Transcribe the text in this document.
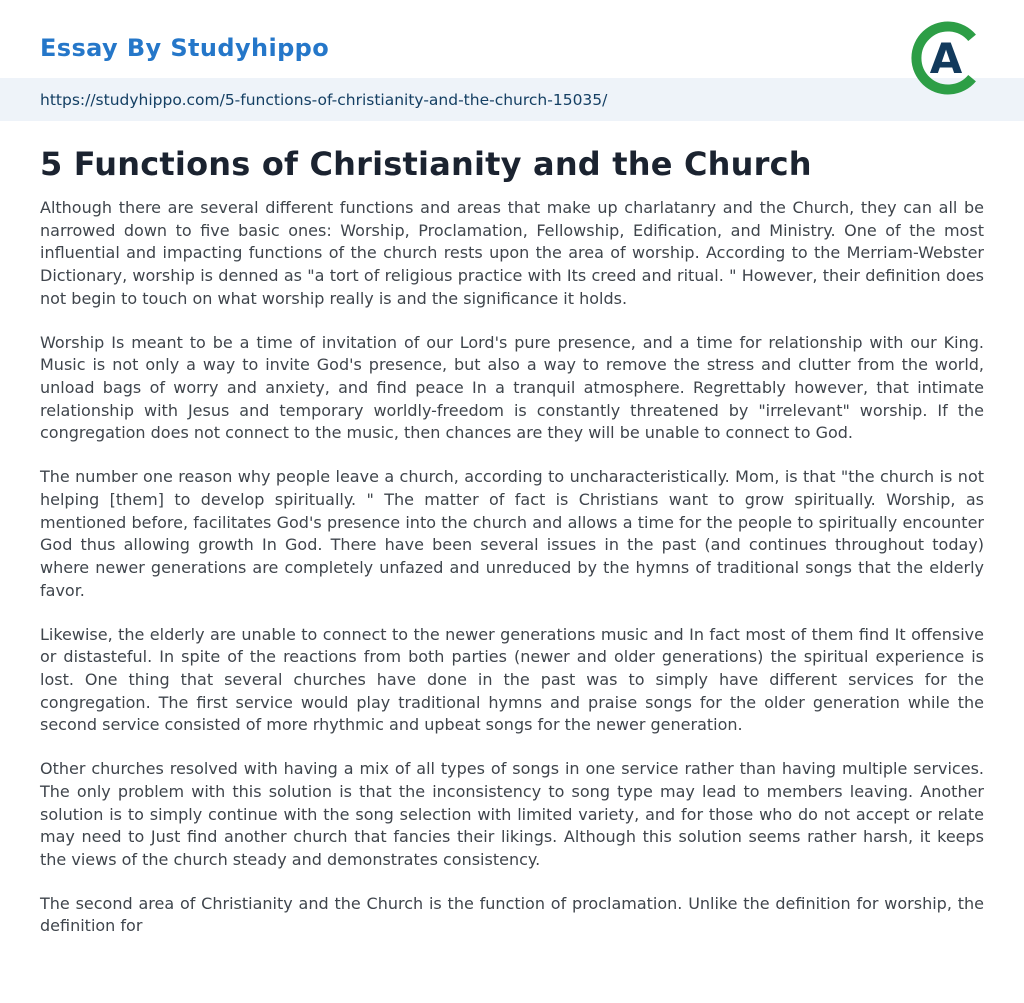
Essay By Studyhippo
https://studyhippo.com/5-functions-of-christianity-and-the-church-15035/
A
5 Functions of Christianity and the Church

Although there are several different functions and areas that make up charlatanry and the Church, they can all be narrowed down to five basic ones: Worship, Proclamation, Fellowship, Edification, and Ministry. One of the most influential and impacting functions of the church rests upon the area of worship. According to the Merriam-Webster Dictionary, worship is denned as "a tort of religious practice with Its creed and ritual. " However, their definition does not begin to touch on what worship really is and the significance it holds.

Worship Is meant to be a time of invitation of our Lord's pure presence, and a time for relationship with our King. Music is not only a way to invite God's presence, but also a way to remove the stress and clutter from the world, unload bags of worry and anxiety, and find peace In a tranquil atmosphere. Regrettably however, that intimate relationship with Jesus and temporary worldly-freedom is constantly threatened by "irrelevant" worship. If the congregation does not connect to the music, then chances are they will be unable to connect to God.

The number one reason why people leave a church, according to uncharacteristically. Mom, is that "the church is not helping [them] to develop spiritually. " The matter of fact is Christians want to grow spiritually. Worship, as mentioned before, facilitates God's presence into the church and allows a time for the people to spiritually encounter God thus allowing growth In God. There have been several issues in the past (and continues throughout today) where newer generations are completely unfazed and unreduced by the hymns of traditional songs that the elderly favor.

Likewise, the elderly are unable to connect to the newer generations music and In fact most of them find It offensive or distasteful. In spite of the reactions from both parties (newer and older generations) the spiritual experience is lost. One thing that several churches have done in the past was to simply have different services for the congregation. The first service would play traditional hymns and praise songs for the older generation while the second service consisted of more rhythmic and upbeat songs for the newer generation.

Other churches resolved with having a mix of all types of songs in one service rather than having multiple services. The only problem with this solution is that the inconsistency to song type may lead to members leaving. Another solution is to simply continue with the song selection with limited variety, and for those who do not accept or relate may need to Just find another church that fancies their likings. Although this solution seems rather harsh, it keeps the views of the church steady and demonstrates consistency.

The second area of Christianity and the Church is the function of proclamation. Unlike the definition for worship, the definition for
